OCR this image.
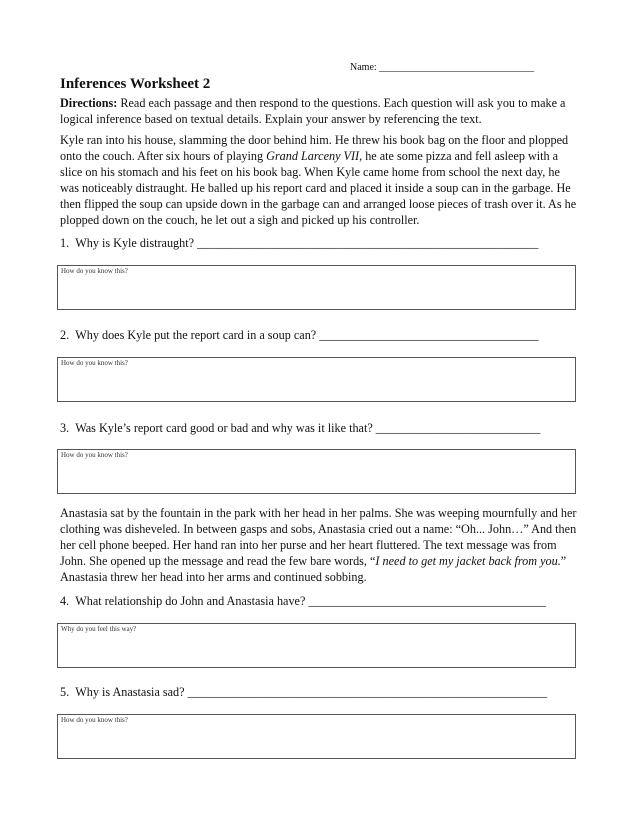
Name: _______________________________
Inferences Worksheet 2
Directions: Read each passage and then respond to the questions. Each question will ask you to make a logical inference based on textual details. Explain your answer by referencing the text.
Kyle ran into his house, slamming the door behind him. He threw his book bag on the floor and plopped onto the couch. After six hours of playing Grand Larceny VII, he ate some pizza and fell asleep with a slice on his stomach and his feet on his book bag. When Kyle came home from school the next day, he was noticeably distraught. He balled up his report card and placed it inside a soup can in the garbage. He then flipped the soup can upside down in the garbage can and arranged loose pieces of trash over it. As he plopped down on the couch, he let out a sigh and picked up his controller.
1. Why is Kyle distraught? ________________________________________________________
How do you know this?
2. Why does Kyle put the report card in a soup can? ____________________________________
How do you know this?
3. Was Kyle’s report card good or bad and why was it like that? ___________________________
How do you know this?
Anastasia sat by the fountain in the park with her head in her palms. She was weeping mournfully and her clothing was disheveled. In between gasps and sobs, Anastasia cried out a name: “Oh... John…” And then her cell phone beeped. Her hand ran into her purse and her heart fluttered. The text message was from John. She opened up the message and read the few bare words, “I need to get my jacket back from you.” Anastasia threw her head into her arms and continued sobbing.
4. What relationship do John and Anastasia have? _______________________________________
Why do you feel this way?
5. Why is Anastasia sad? ___________________________________________________________
How do you know this?
